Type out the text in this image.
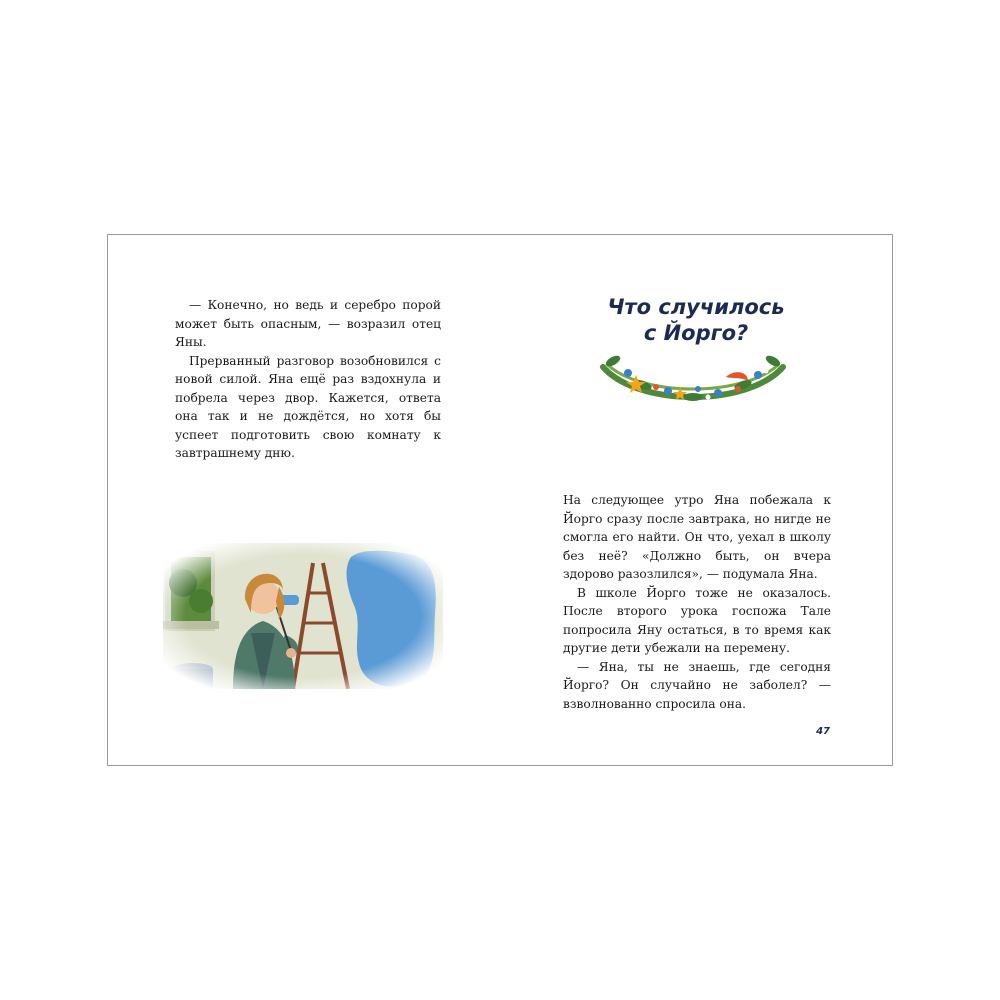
— Конечно, но ведь и серебро порой может быть опасным, — возразил отец Яны.

Прерванный разговор возобновился с новой силой. Яна ещё раз вздохнула и побрела через двор. Кажется, ответа она так и не дождётся, но хотя бы успеет подготовить свою комнату к завтрашнему дню.

Что случилось
с Йорго?

На следующее утро Яна побежала к Йорго сразу после завтрака, но нигде не смогла его найти. Он что, уехал в школу без неё? «Должно быть, он вчера здорово разозлился», — подумала Яна.

В школе Йорго тоже не оказалось. После второго урока госпожа Тале попросила Яну остаться, в то время как другие дети убежали на перемену.

— Яна, ты не знаешь, где сегодня Йорго? Он случайно не заболел? — взволнованно спросила она.

47
